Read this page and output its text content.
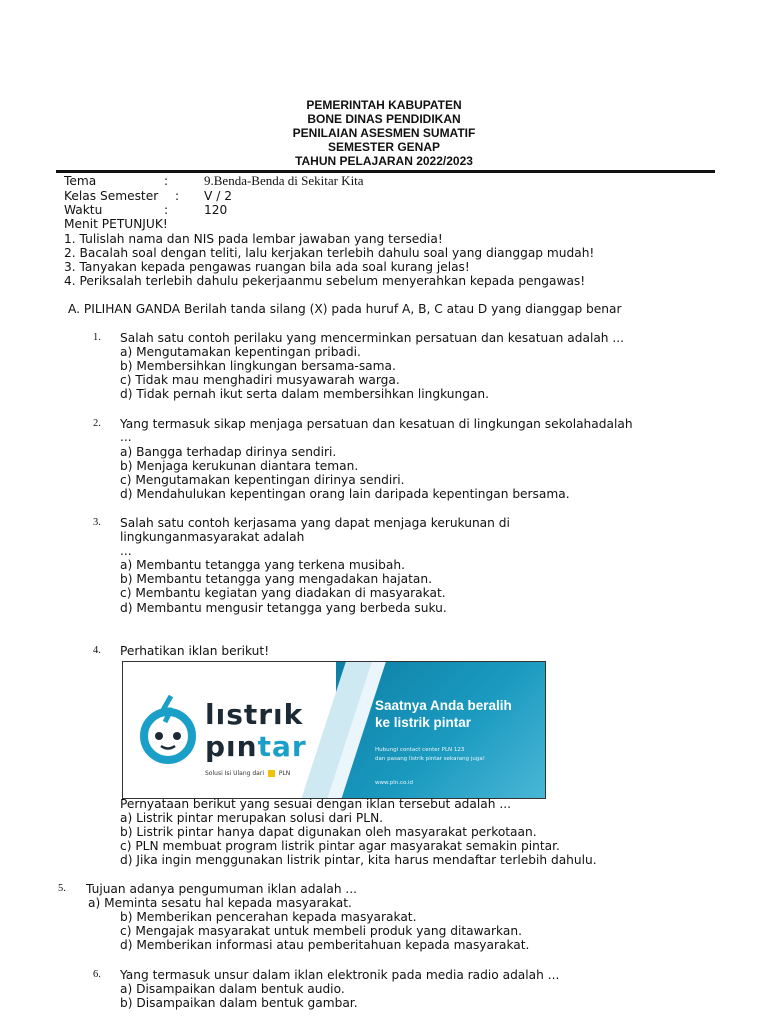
PEMERINTAH KABUPATEN
BONE DINAS PENDIDIKAN
PENILAIAN ASESMEN SUMATIF
SEMESTER GENAP
TAHUN PELAJARAN 2022/2023
Tema	:	9.Benda-Benda di Sekitar Kita
Kelas Semester : V / 2
Waktu	:	120
Menit PETUNJUK!
1. Tulislah nama dan NIS pada lembar jawaban yang tersedia!
2. Bacalah soal dengan teliti, lalu kerjakan terlebih dahulu soal yang dianggap mudah!
3. Tanyakan kepada pengawas ruangan bila ada soal kurang jelas!
4. Periksalah terlebih dahulu pekerjaanmu sebelum menyerahkan kepada pengawas!
A. PILIHAN GANDA Berilah tanda silang (X) pada huruf A, B, C atau D yang dianggap benar
1. Salah satu contoh perilaku yang mencerminkan persatuan dan kesatuan adalah ...
a) Mengutamakan kepentingan pribadi.
b) Membersihkan lingkungan bersama-sama.
c) Tidak mau menghadiri musyawarah warga.
d) Tidak pernah ikut serta dalam membersihkan lingkungan.
2. Yang termasuk sikap menjaga persatuan dan kesatuan di lingkungan sekolahadalah
...
a) Bangga terhadap dirinya sendiri.
b) Menjaga kerukunan diantara teman.
c) Mengutamakan kepentingan dirinya sendiri.
d) Mendahulukan kepentingan orang lain daripada kepentingan bersama.
3. Salah satu contoh kerjasama yang dapat menjaga kerukunan di
lingkunganmasyarakat adalah
...
a) Membantu tetangga yang terkena musibah.
b) Membantu tetangga yang mengadakan hajatan.
c) Membantu kegiatan yang diadakan di masyarakat.
d) Membantu mengusir tetangga yang berbeda suku.
4. Perhatikan iklan berikut!
lıstrık
pıntar
Solusi Isi Ulang dari PLN
Saatnya Anda beralih
ke listrik pintar
Hubungi contact center PLN 123
dan pasang listrik pintar sekarang juga!
www.pln.co.id
Pernyataan berikut yang sesuai dengan iklan tersebut adalah ...
a) Listrik pintar merupakan solusi dari PLN.
b) Listrik pintar hanya dapat digunakan oleh masyarakat perkotaan.
c) PLN membuat program listrik pintar agar masyarakat semakin pintar.
d) Jika ingin menggunakan listrik pintar, kita harus mendaftar terlebih dahulu.
5. Tujuan adanya pengumuman iklan adalah ...
a) Meminta sesatu hal kepada masyarakat.
b) Memberikan pencerahan kepada masyarakat.
c) Mengajak masyarakat untuk membeli produk yang ditawarkan.
d) Memberikan informasi atau pemberitahuan kepada masyarakat.
6. Yang termasuk unsur dalam iklan elektronik pada media radio adalah ...
a) Disampaikan dalam bentuk audio.
b) Disampaikan dalam bentuk gambar.
